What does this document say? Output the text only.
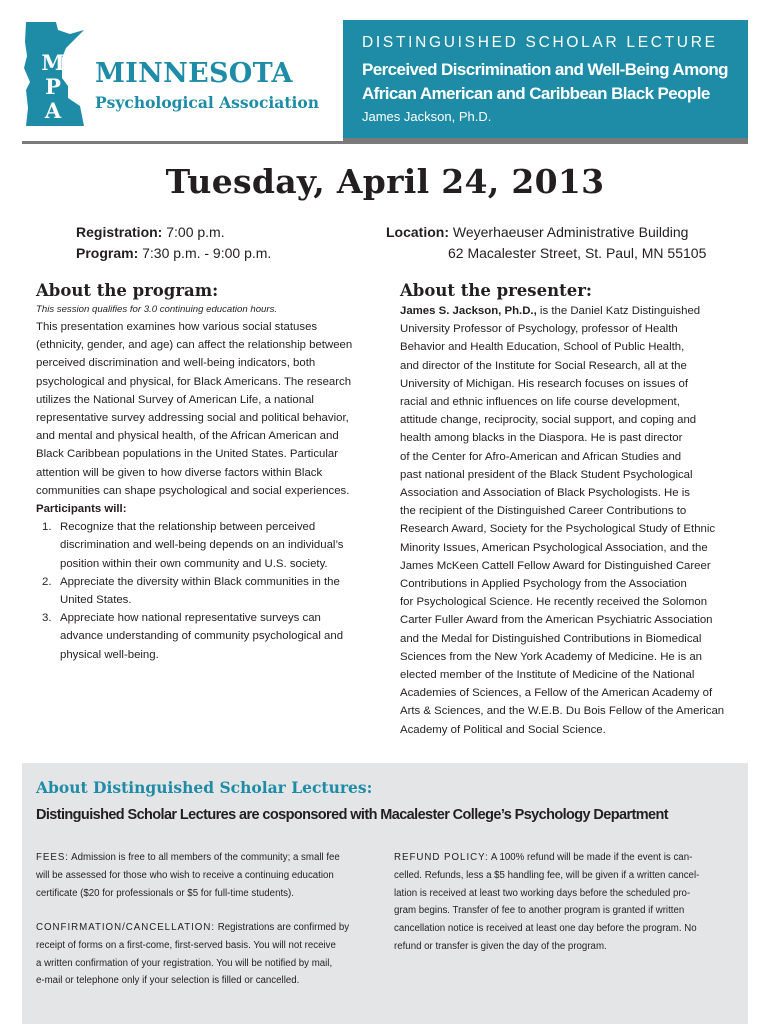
M
P
A
MINNESOTA
Psychological Association
DISTINGUISHED SCHOLAR LECTURE
Perceived Discrimination and Well-Being Among
African American and Caribbean Black People
James Jackson, Ph.D.
Tuesday, April 24, 2013
Registration: 7:00 p.m.
Program: 7:30 p.m. - 9:00 p.m.
Location: Weyerhaeuser Administrative Building
62 Macalester Street, St. Paul, MN 55105
About the program:

This session qualifies for 3.0 continuing education hours.

This presentation examines how various social statuses
(ethnicity, gender, and age) can affect the relationship between
perceived discrimination and well-being indicators, both
psychological and physical, for Black Americans. The research
utilizes the National Survey of American Life, a national
representative survey addressing social and political behavior,
and mental and physical health, of the African American and
Black Caribbean populations in the United States. Particular
attention will be given to how diverse factors within Black
communities can shape psychological and social experiences.

Participants will:

1. Recognize that the relationship between perceived
discrimination and well-being depends on an individual’s
position within their own community and U.S. society.
2. Appreciate the diversity within Black communities in the
United States.
3. Appreciate how national representative surveys can
advance understanding of community psychological and
physical well-being.
About the presenter:

James S. Jackson, Ph.D., is the Daniel Katz Distinguished

University Professor of Psychology, professor of Health
Behavior and Health Education, School of Public Health,
and director of the Institute for Social Research, all at the
University of Michigan. His research focuses on issues of
racial and ethnic influences on life course development,
attitude change, reciprocity, social support, and coping and
health among blacks in the Diaspora. He is past director
of the Center for Afro-American and African Studies and
past national president of the Black Student Psychological
Association and Association of Black Psychologists. He is
the recipient of the Distinguished Career Contributions to
Research Award, Society for the Psychological Study of Ethnic
Minority Issues, American Psychological Association, and the
James McKeen Cattell Fellow Award for Distinguished Career
Contributions in Applied Psychology from the Association
for Psychological Science. He recently received the Solomon
Carter Fuller Award from the American Psychiatric Association
and the Medal for Distinguished Contributions in Biomedical
Sciences from the New York Academy of Medicine. He is an
elected member of the Institute of Medicine of the National
Academies of Sciences, a Fellow of the American Academy of
Arts & Sciences, and the W.E.B. Du Bois Fellow of the American
Academy of Political and Social Science.
About Distinguished Scholar Lectures:
Distinguished Scholar Lectures are cosponsored with Macalester College’s Psychology Department
FEES: Admission is free to all members of the community; a small fee
will be assessed for those who wish to receive a continuing education
certificate ($20 for professionals or $5 for full-time students).
CONFIRMATION/CANCELLATION: Registrations are confirmed by
receipt of forms on a first-come, first-served basis. You will not receive
a written confirmation of your registration. You will be notified by mail,
e-mail or telephone only if your selection is filled or cancelled.
REFUND POLICY: A 100% refund will be made if the event is can-
celled. Refunds, less a $5 handling fee, will be given if a written cancel-
lation is received at least two working days before the scheduled pro-
gram begins. Transfer of fee to another program is granted if written
cancellation notice is received at least one day before the program. No
refund or transfer is given the day of the program.
